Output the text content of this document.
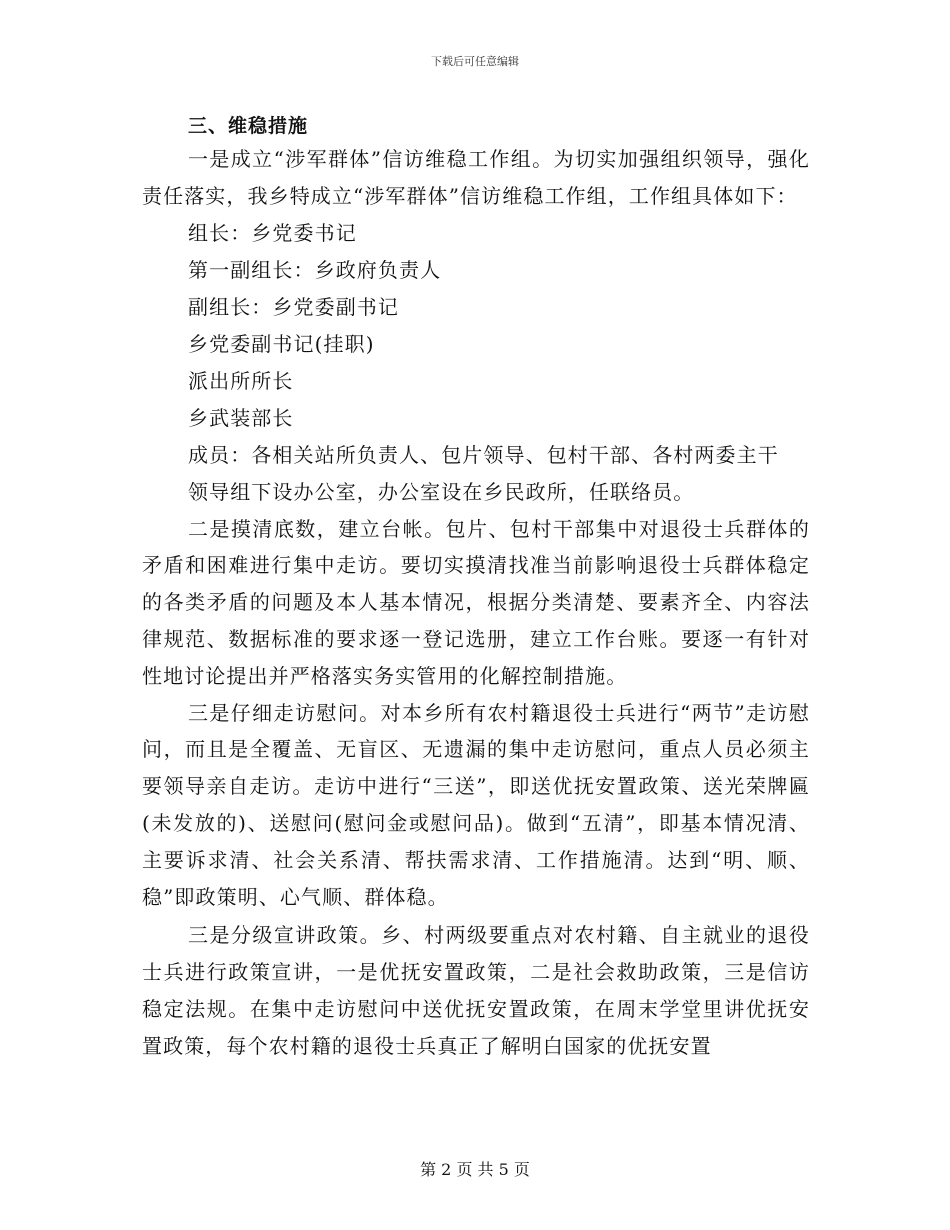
下载后可任意编辑
三、维稳措施

一是成立“涉军群体”信访维稳工作组。为切实加强组织领导，强化责任落实，我乡特成立“涉军群体”信访维稳工作组，工作组具体如下：

组长：乡党委书记

第一副组长：乡政府负责人

副组长：乡党委副书记

乡党委副书记(挂职)

派出所所长

乡武装部长

成员：各相关站所负责人、包片领导、包村干部、各村两委主干

领导组下设办公室，办公室设在乡民政所，任联络员。

二是摸清底数，建立台帐。包片、包村干部集中对退役士兵群体的矛盾和困难进行集中走访。要切实摸清找准当前影响退役士兵群体稳定的各类矛盾的问题及本人基本情况，根据分类清楚、要素齐全、内容法律规范、数据标准的要求逐一登记选册，建立工作台账。要逐一有针对性地讨论提出并严格落实务实管用的化解控制措施。

三是仔细走访慰问。对本乡所有农村籍退役士兵进行“两节”走访慰问，而且是全覆盖、无盲区、无遗漏的集中走访慰问，重点人员必须主要领导亲自走访。走访中进行“三送”，即送优抚安置政策、送光荣牌匾(未发放的)、送慰问(慰问金或慰问品)。做到“五清”，即基本情况清、主要诉求清、社会关系清、帮扶需求清、工作措施清。达到“明、顺、稳”即政策明、心气顺、群体稳。

三是分级宣讲政策。乡、村两级要重点对农村籍、自主就业的退役士兵进行政策宣讲，一是优抚安置政策，二是社会救助政策，三是信访稳定法规。在集中走访慰问中送优抚安置政策，在周末学堂里讲优抚安置政策，每个农村籍的退役士兵真正了解明白国家的优抚安置

第 2 页 共 5 页
